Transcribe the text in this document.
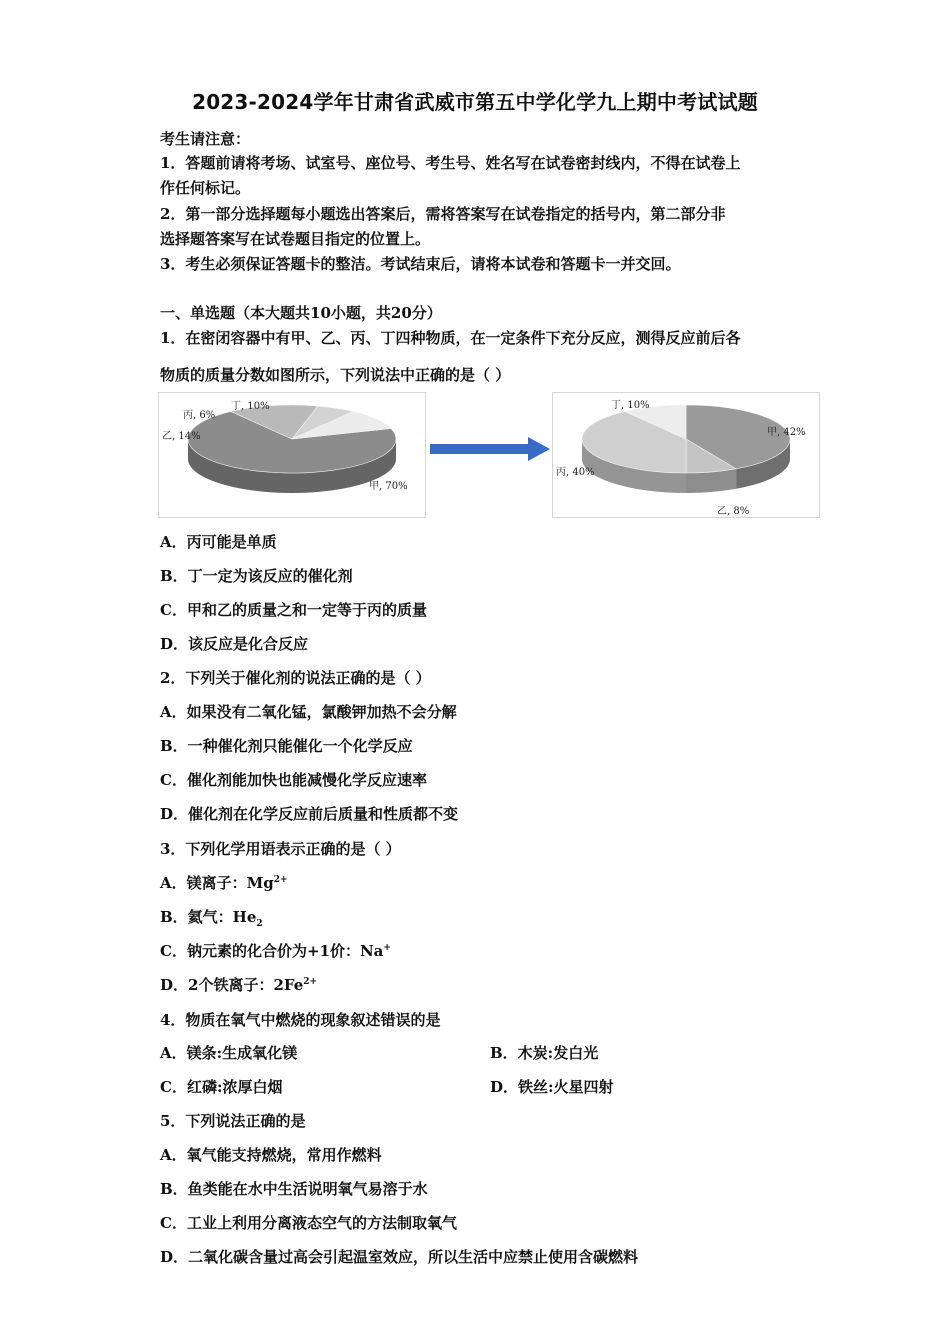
2023-2024学年甘肃省武威市第五中学化学九上期中考试试题
考生请注意：
1．答题前请将考场、试室号、座位号、考生号、姓名写在试卷密封线内，不得在试卷上
作任何标记。
2．第一部分选择题每小题选出答案后，需将答案写在试卷指定的括号内，第二部分非
选择题答案写在试卷题目指定的位置上。
3．考生必须保证答题卡的整洁。考试结束后，请将本试卷和答题卡一并交回。
一、单选题（本大题共10小题，共20分）
1．在密闭容器中有甲、乙、丙、丁四种物质，在一定条件下充分反应，测得反应前后各
物质的质量分数如图所示，下列说法中正确的是（ ）
丁, 10%
丙, 6%
乙, 14%
甲, 70%
丁, 10%
甲, 42%
丙, 40%
乙, 8%
A．丙可能是单质
B．丁一定为该反应的催化剂
C．甲和乙的质量之和一定等于丙的质量
D．该反应是化合反应
2．下列关于催化剂的说法正确的是（ ）
A．如果没有二氧化锰，氯酸钾加热不会分解
B．一种催化剂只能催化一个化学反应
C．催化剂能加快也能减慢化学反应速率
D．催化剂在化学反应前后质量和性质都不变
3．下列化学用语表示正确的是（ ）
A．镁离子：$Mg^{2+}$
B．氦气：$He_2$
C．钠元素的化合价为+1价：Na+
D．2个铁离子：$2Fe^{2+}$
4．物质在氧气中燃烧的现象叙述错误的是
A．镁条:生成氧化镁	B．木炭:发白光
C．红磷:浓厚白烟	D．铁丝:火星四射
5．下列说法正确的是
A．氧气能支持燃烧，常用作燃料
B．鱼类能在水中生活说明氧气易溶于水
C．工业上利用分离液态空气的方法制取氧气
D．二氧化碳含量过高会引起温室效应，所以生活中应禁止使用含碳燃料
